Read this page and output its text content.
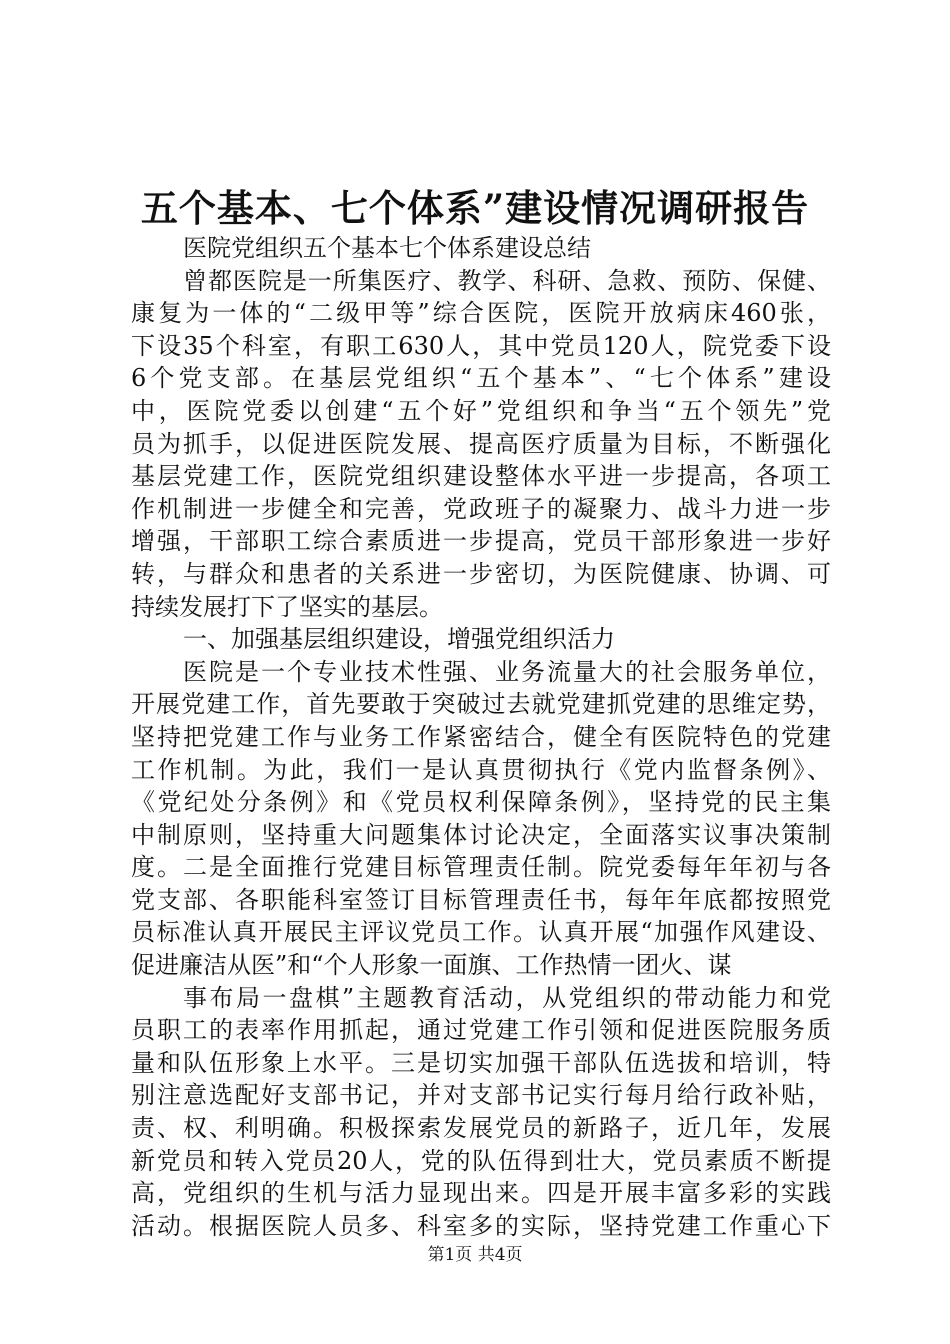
五个基本、七个体系”建设情况调研报告
医院党组织五个基本七个体系建设总结
曾都医院是一所集医疗、教学、科研、急救、预防、保健、
康复为一体的“二级甲等”综合医院，医院开放病床460张，
下设35个科室，有职工630人，其中党员120人，院党委下设
6个党支部。在基层党组织“五个基本”、“七个体系”建设
中，医院党委以创建“五个好”党组织和争当“五个领先”党
员为抓手，以促进医院发展、提高医疗质量为目标，不断强化
基层党建工作，医院党组织建设整体水平进一步提高，各项工
作机制进一步健全和完善，党政班子的凝聚力、战斗力进一步
增强，干部职工综合素质进一步提高，党员干部形象进一步好
转，与群众和患者的关系进一步密切，为医院健康、协调、可
持续发展打下了坚实的基层。
一、加强基层组织建设，增强党组织活力
医院是一个专业技术性强、业务流量大的社会服务单位，
开展党建工作，首先要敢于突破过去就党建抓党建的思维定势，
坚持把党建工作与业务工作紧密结合，健全有医院特色的党建
工作机制。为此，我们一是认真贯彻执行《党内监督条例》、
《党纪处分条例》和《党员权利保障条例》，坚持党的民主集
中制原则，坚持重大问题集体讨论决定，全面落实议事决策制
度。二是全面推行党建目标管理责任制。院党委每年年初与各
党支部、各职能科室签订目标管理责任书，每年年底都按照党
员标准认真开展民主评议党员工作。认真开展“加强作风建设、
促进廉洁从医”和“个人形象一面旗、工作热情一团火、谋
事布局一盘棋”主题教育活动，从党组织的带动能力和党
员职工的表率作用抓起，通过党建工作引领和促进医院服务质
量和队伍形象上水平。三是切实加强干部队伍选拔和培训，特
别注意选配好支部书记，并对支部书记实行每月给行政补贴，
责、权、利明确。积极探索发展党员的新路子，近几年，发展
新党员和转入党员20人，党的队伍得到壮大，党员素质不断提
高，党组织的生机与活力显现出来。四是开展丰富多彩的实践
活动。根据医院人员多、科室多的实际，坚持党建工作重心下
第1页 共4页
